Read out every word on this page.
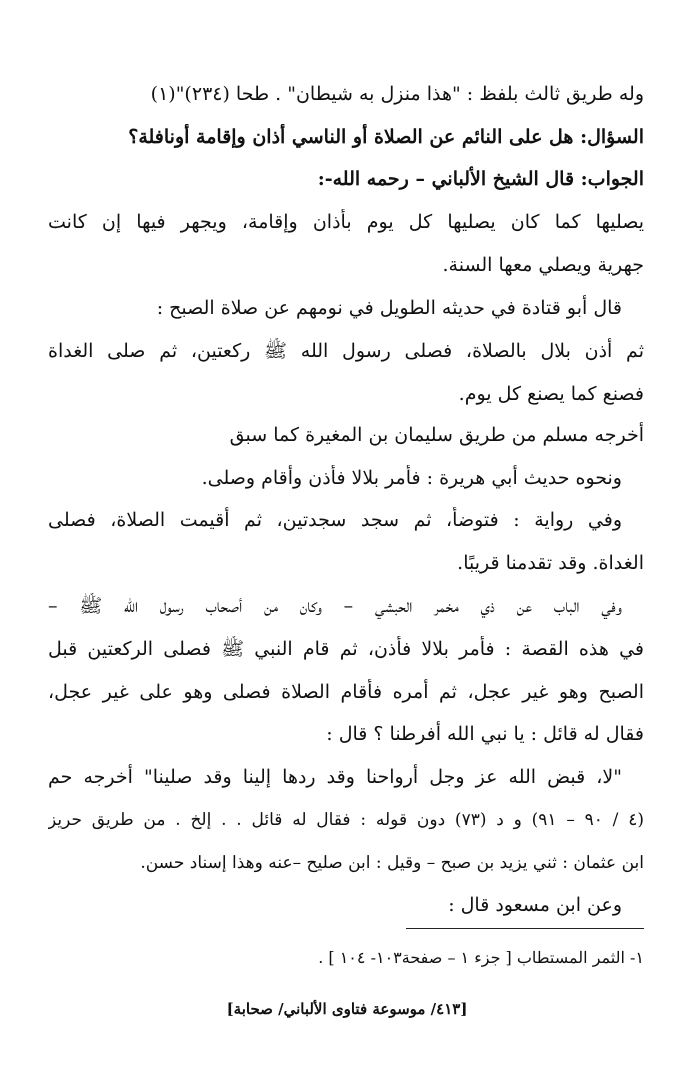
وله طريق ثالث بلفظ : "هذا منزل به شيطان" . طحا (٢٣٤)"(١)
السؤال: هل على النائم عن الصلاة أو الناسي أذان وإقامة أونافلة؟
الجواب: قال الشيخ الألباني – رحمه الله-:
يصليها كما كان يصليها كل يوم بأذان وإقامة، ويجهر فيها إن كانت
جهرية ويصلي معها السنة.
قال أبو قتادة في حديثه الطويل في نومهم عن صلاة الصبح :
ثم أذن بلال بالصلاة، فصلى رسول الله ﷺ ركعتين، ثم صلى الغداة
فصنع كما يصنع كل يوم.
أخرجه مسلم من طريق سليمان بن المغيرة كما سبق
ونحوه حديث أبي هريرة : فأمر بلالا فأذن وأقام وصلى.
وفي رواية : فتوضأ، ثم سجد سجدتين، ثم أقيمت الصلاة، فصلى
الغداة. وقد تقدمنا قريبًا.
وفي الباب عن ذي مخمر الحبشي – وكان من أصحاب رسول الله ﷺ –
في هذه القصة : فأمر بلالا فأذن، ثم قام النبي ﷺ فصلى الركعتين قبل
الصبح وهو غير عجل، ثم أمره فأقام الصلاة فصلى وهو على غير عجل،
فقال له قائل : يا نبي الله أفرطنا ؟ قال :
"لا، قبض الله عز وجل أرواحنا وقد ردها إلينا وقد صلينا" أخرجه حم
(٤ / ٩٠ – ٩١) و د (٧٣) دون قوله : فقال له قائل . . إلخ . من طريق حريز
ابن عثمان : ثني يزيد بن صبح – وقيل : ابن صليح –عنه وهذا إسناد حسن.
وعن ابن مسعود قال :
١- الثمر المستطاب [ جزء ١ – صفحة١٠٣- ١٠٤ ] .
[٤١٣/ موسوعة فتاوى الألباني/ صحابة]
